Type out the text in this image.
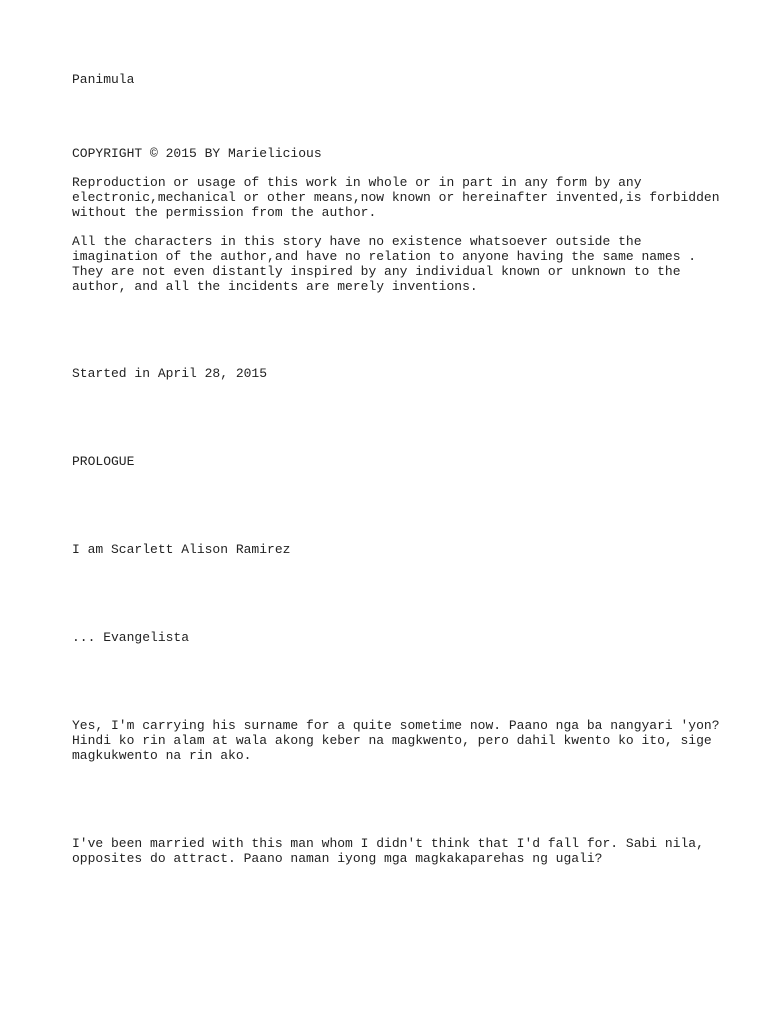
Panimula

COPYRIGHT © 2015 BY Marielicious

Reproduction or usage of this work in whole or in part in any form by any
electronic,mechanical or other means,now known or hereinafter invented,is forbidden
without the permission from the author.

All the characters in this story have no existence whatsoever outside the
imagination of the author,and have no relation to anyone having the same names .
They are not even distantly inspired by any individual known or unknown to the
author, and all the incidents are merely inventions.

Started in April 28, 2015

PROLOGUE

I am Scarlett Alison Ramirez

... Evangelista

Yes, I'm carrying his surname for a quite sometime now. Paano nga ba nangyari 'yon?
Hindi ko rin alam at wala akong keber na magkwento, pero dahil kwento ko ito, sige
magkukwento na rin ako.

I've been married with this man whom I didn't think that I'd fall for. Sabi nila,
opposites do attract. Paano naman iyong mga magkakaparehas ng ugali?
